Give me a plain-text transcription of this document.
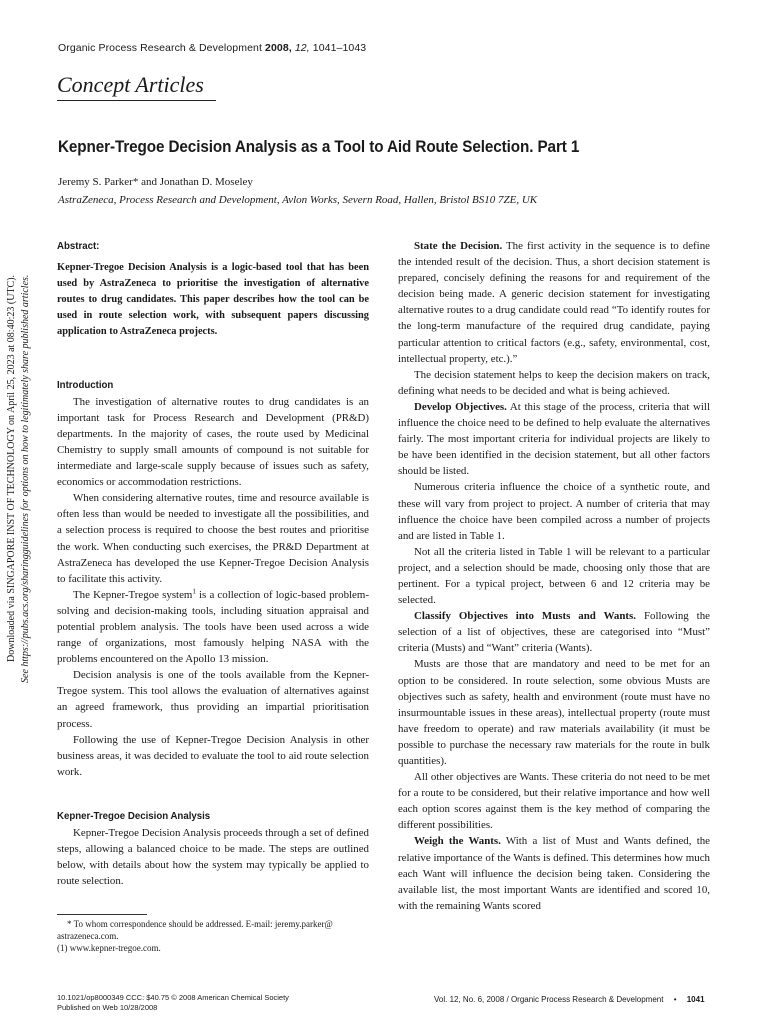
Downloaded via SINGAPORE INST OF TECHNOLOGY on April 25, 2023 at 08:40:23 (UTC). See https://pubs.acs.org/sharingguidelines for options on how to legitimately share published articles.
Organic Process Research & Development 2008, 12, 1041–1043
Concept Articles
Kepner-Tregoe Decision Analysis as a Tool to Aid Route Selection. Part 1
Jeremy S. Parker* and Jonathan D. Moseley
AstraZeneca, Process Research and Development, Avlon Works, Severn Road, Hallen, Bristol BS10 7ZE, UK
Abstract:

Kepner-Tregoe Decision Analysis is a logic-based tool that has been used by AstraZeneca to prioritise the investigation of alternative routes to drug candidates. This paper describes how the tool can be used in route selection work, with subsequent papers discussing application to AstraZeneca projects.

Introduction

The investigation of alternative routes to drug candidates is an important task for Process Research and Development (PR&D) departments. In the majority of cases, the route used by Medicinal Chemistry to supply small amounts of compound is not suitable for intermediate and large-scale supply because of issues such as safety, economics or accommodation restrictions.

When considering alternative routes, time and resource available is often less than would be needed to investigate all the possibilities, and a selection process is required to choose the best routes and prioritise the work. When conducting such exercises, the PR&D Department at AstraZeneca has developed the use Kepner-Tregoe Decision Analysis to facilitate this activity.

The Kepner-Tregoe system$^1$ is a collection of logic-based problem-solving and decision-making tools, including situation appraisal and potential problem analysis. The tools have been used across a wide range of organizations, most famously helping NASA with the problems encountered on the Apollo 13 mission.

Decision analysis is one of the tools available from the Kepner-Tregoe system. This tool allows the evaluation of alternatives against an agreed framework, thus providing an impartial prioritisation process.

Following the use of Kepner-Tregoe Decision Analysis in other business areas, it was decided to evaluate the tool to aid route selection work.

Kepner-Tregoe Decision Analysis

Kepner-Tregoe Decision Analysis proceeds through a set of defined steps, allowing a balanced choice to be made. The steps are outlined below, with details about how the system may typically be applied to route selection.

State the Decision. The first activity in the sequence is to define the intended result of the decision. Thus, a short decision statement is prepared, concisely defining the reasons for and requirement of the decision being made. A generic decision statement for investigating alternative routes to a drug candidate could read “To identify routes for the long-term manufacture of the required drug candidate, paying particular attention to critical factors (e.g., safety, environmental, cost, intellectual property, etc.).”

The decision statement helps to keep the decision makers on track, defining what needs to be decided and what is being achieved.

Develop Objectives. At this stage of the process, criteria that will influence the choice need to be defined to help evaluate the alternatives fairly. The most important criteria for individual projects are likely to be have been identified in the decision statement, but all other factors should be listed.

Numerous criteria influence the choice of a synthetic route, and these will vary from project to project. A number of criteria that may influence the choice have been compiled across a number of projects and are listed in Table 1.

Not all the criteria listed in Table 1 will be relevant to a particular project, and a selection should be made, choosing only those that are pertinent. For a typical project, between 6 and 12 criteria may be selected.

Classify Objectives into Musts and Wants. Following the selection of a list of objectives, these are categorised into “Must” criteria (Musts) and “Want” criteria (Wants).

Musts are those that are mandatory and need to be met for an option to be considered. In route selection, some obvious Musts are objectives such as safety, health and environment (route must have no insurmountable issues in these areas), intellectual property (route must have freedom to operate) and raw materials availability (it must be possible to purchase the necessary raw materials for the route in bulk quantities).

All other objectives are Wants. These criteria do not need to be met for a route to be considered, but their relative importance and how well each option scores against them is the key method of comparing the different possibilities.

Weigh the Wants. With a list of Must and Wants defined, the relative importance of the Wants is defined. This determines how much each Want will influence the decision being taken. Considering the available list, the most important Wants are identified and scored 10, with the remaining Wants scored

* To whom correspondence should be addressed. E-mail: jeremy.parker@ astrazeneca.com.
(1) www.kepner-tregoe.com.
10.1021/op8000349 CCC: $40.75 © 2008 American Chemical Society
Published on Web 10/28/2008
Vol. 12, No. 6, 2008 / Organic Process Research & Development • 1041
